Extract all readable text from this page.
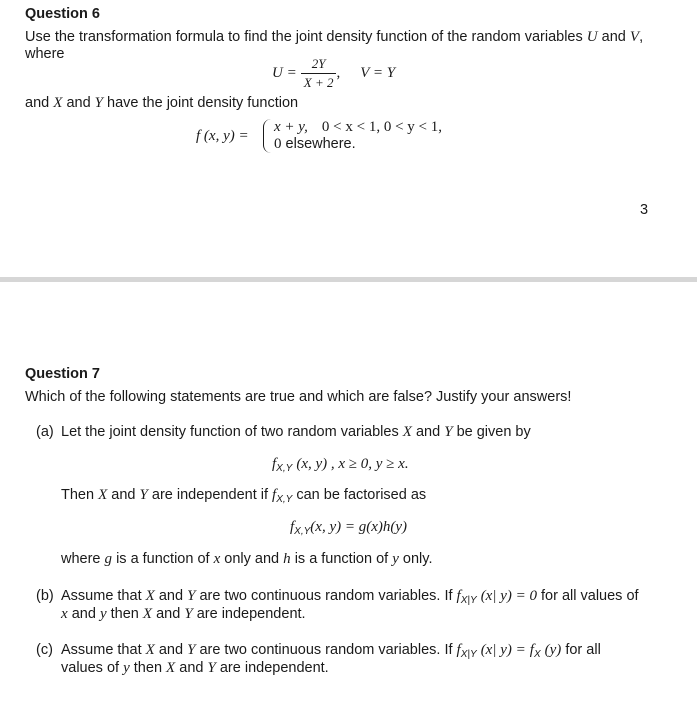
Question 6
Use the transformation formula to find the joint density function of the random variables U and V,
where
$U = \frac{2Y}{X + 2}$ , V = Y
and X and Y have the joint density function
f (x, y) =
x + y, 0 < x < 1, 0 < y < 1,
0 elsewhere.
3
Question 7
Which of the following statements are true and which are false? Justify your answers!
(a) Let the joint density function of two random variables X and Y be given by
$f_{X,Y}$ (x, y) , x ≥ 0, y ≥ x.
Then X and Y are independent if $f_{X,Y}$ can be factorised as
$f_{X,Y}(x$, y) = g(x)h(y)
where g is a function of x only and h is a function of y only.
(b) Assume that X and Y are two continuous random variables. If $f_{X|Y}$ (x| y) = 0 for all values of
x and y then X and Y are independent.
(c) Assume that X and Y are two continuous random variables. If $f_{X|Y}$ (x| $y) = f_X$ (y) for all
values of y then X and Y are independent.
